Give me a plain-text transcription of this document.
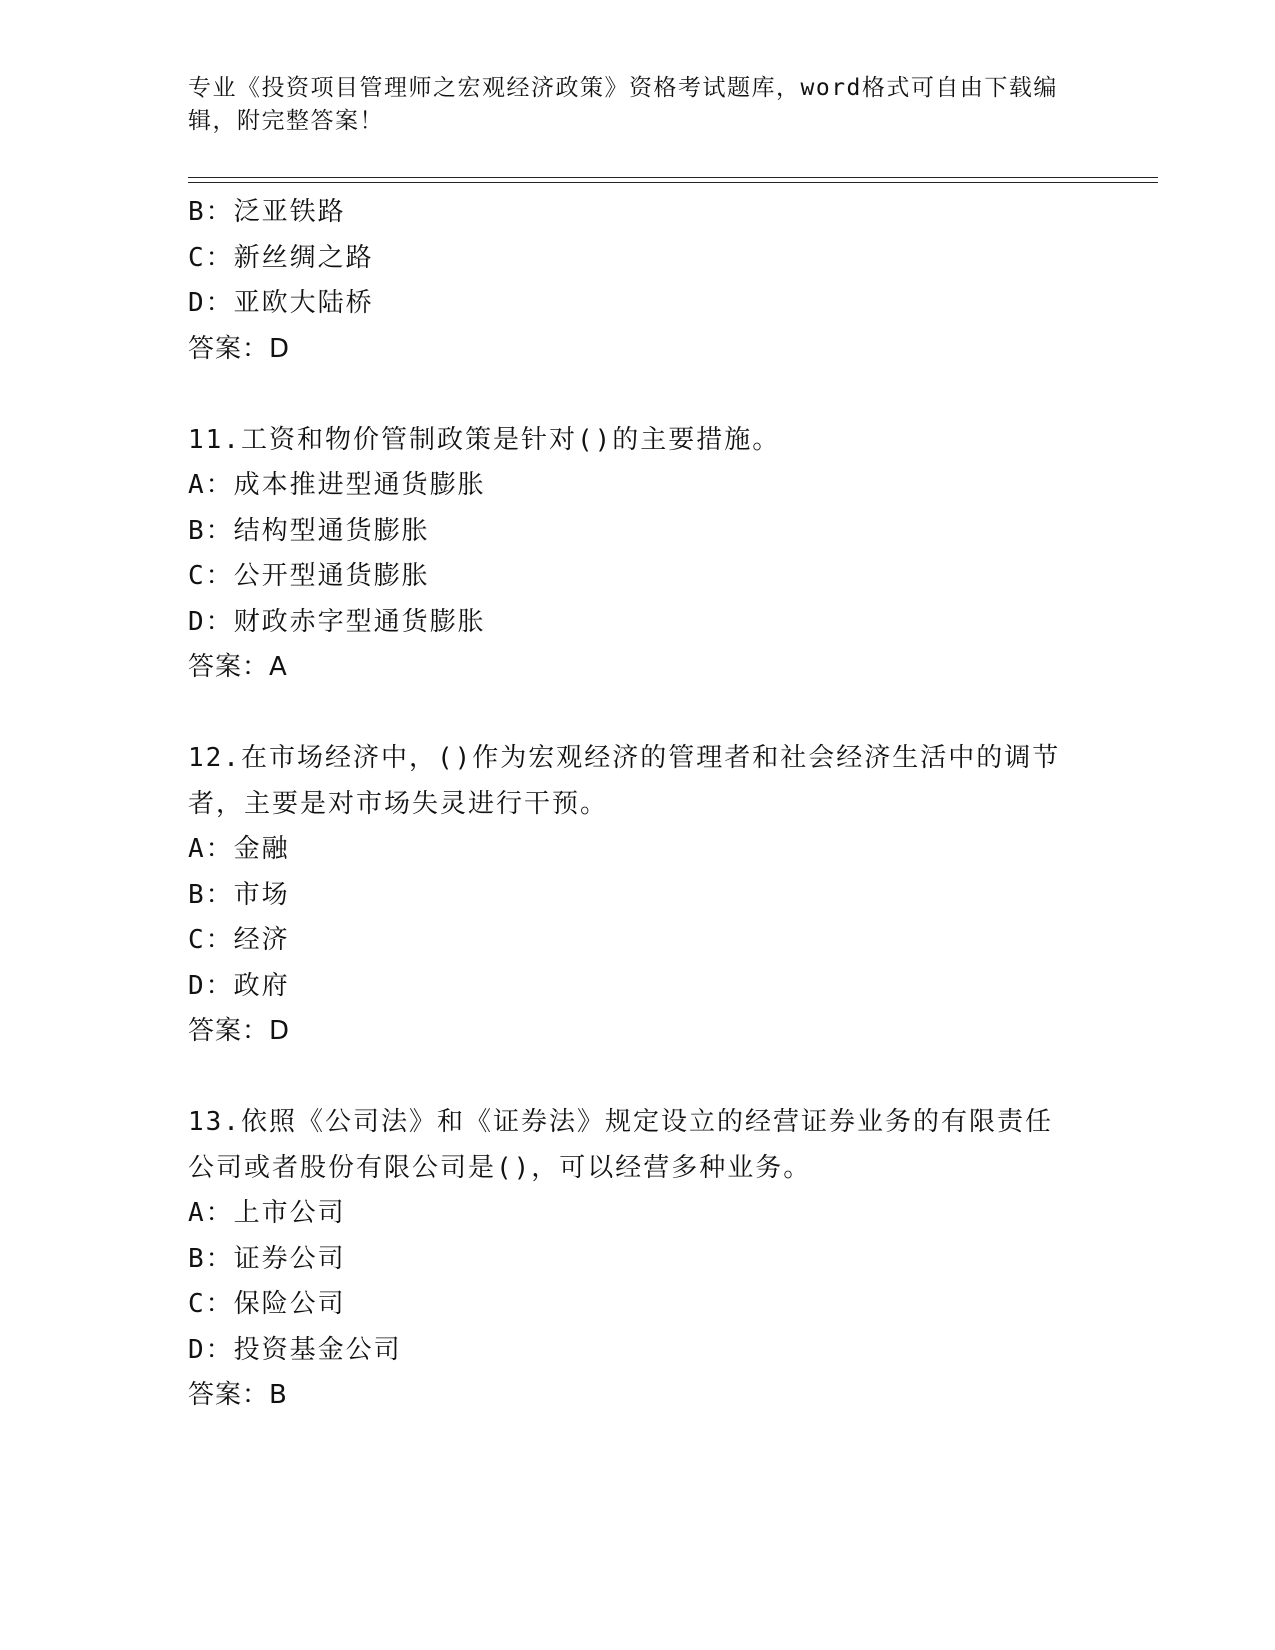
专业《投资项目管理师之宏观经济政策》资格考试题库，word格式可自由下载编
辑，附完整答案！
B：泛亚铁路
C：新丝绸之路
D：亚欧大陆桥
答案：D
11.工资和物价管制政策是针对()的主要措施。
A：成本推进型通货膨胀
B：结构型通货膨胀
C：公开型通货膨胀
D：财政赤字型通货膨胀
答案：A
12.在市场经济中，()作为宏观经济的管理者和社会经济生活中的调节
者，主要是对市场失灵进行干预。
A：金融
B：市场
C：经济
D：政府
答案：D
13.依照《公司法》和《证券法》规定设立的经营证券业务的有限责任
公司或者股份有限公司是()，可以经营多种业务。
A：上市公司
B：证券公司
C：保险公司
D：投资基金公司
答案：B
